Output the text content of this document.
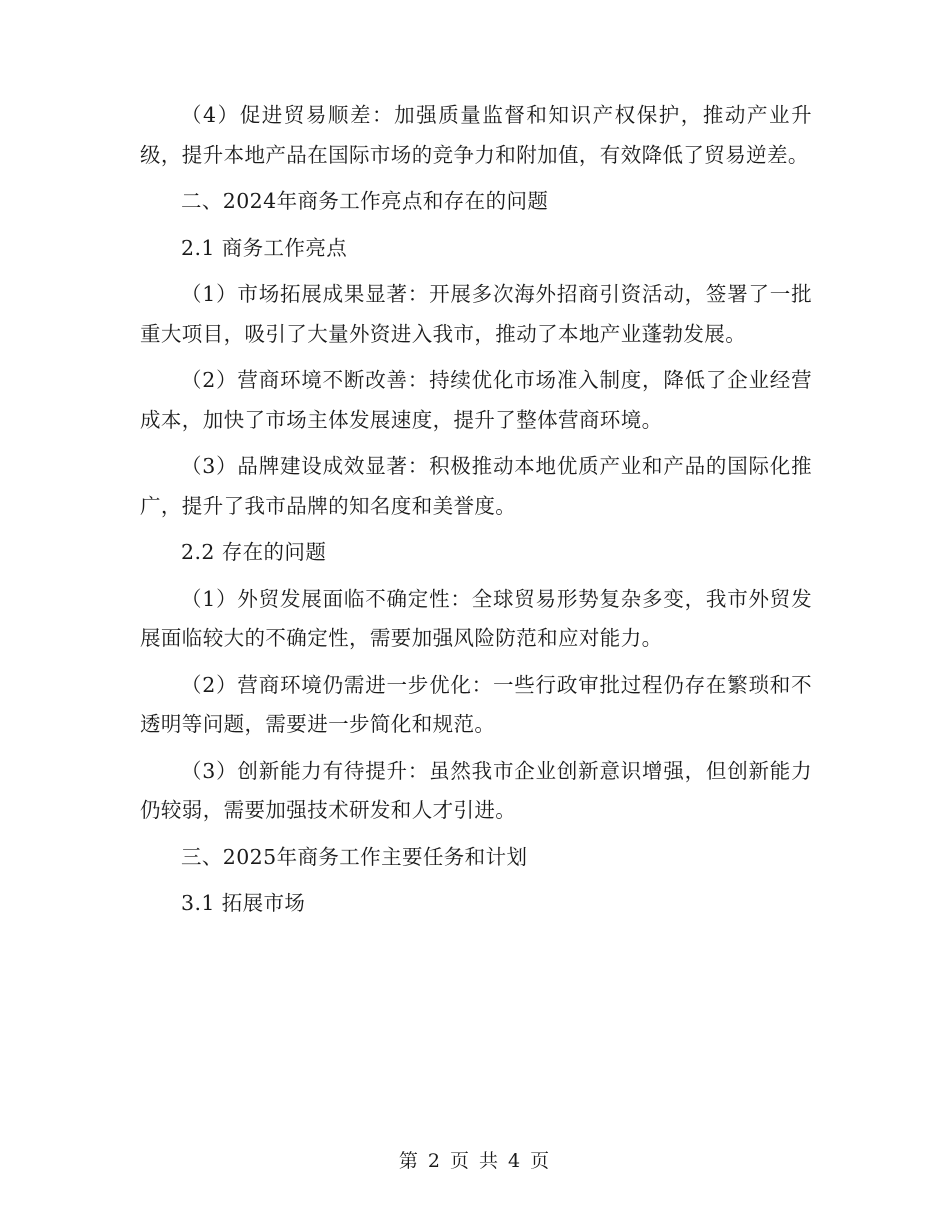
（4）促进贸易顺差：加强质量监督和知识产权保护，推动产业升级，提升本地产品在国际市场的竞争力和附加值，有效降低了贸易逆差。

二、2024年商务工作亮点和存在的问题

2.1 商务工作亮点

（1）市场拓展成果显著：开展多次海外招商引资活动，签署了一批重大项目，吸引了大量外资进入我市，推动了本地产业蓬勃发展。

（2）营商环境不断改善：持续优化市场准入制度，降低了企业经营成本，加快了市场主体发展速度，提升了整体营商环境。

（3）品牌建设成效显著：积极推动本地优质产业和产品的国际化推广，提升了我市品牌的知名度和美誉度。

2.2 存在的问题

（1）外贸发展面临不确定性：全球贸易形势复杂多变，我市外贸发展面临较大的不确定性，需要加强风险防范和应对能力。

（2）营商环境仍需进一步优化：一些行政审批过程仍存在繁琐和不透明等问题，需要进一步简化和规范。

（3）创新能力有待提升：虽然我市企业创新意识增强，但创新能力仍较弱，需要加强技术研发和人才引进。

三、2025年商务工作主要任务和计划

3.1 拓展市场

第 2 页 共 4 页
